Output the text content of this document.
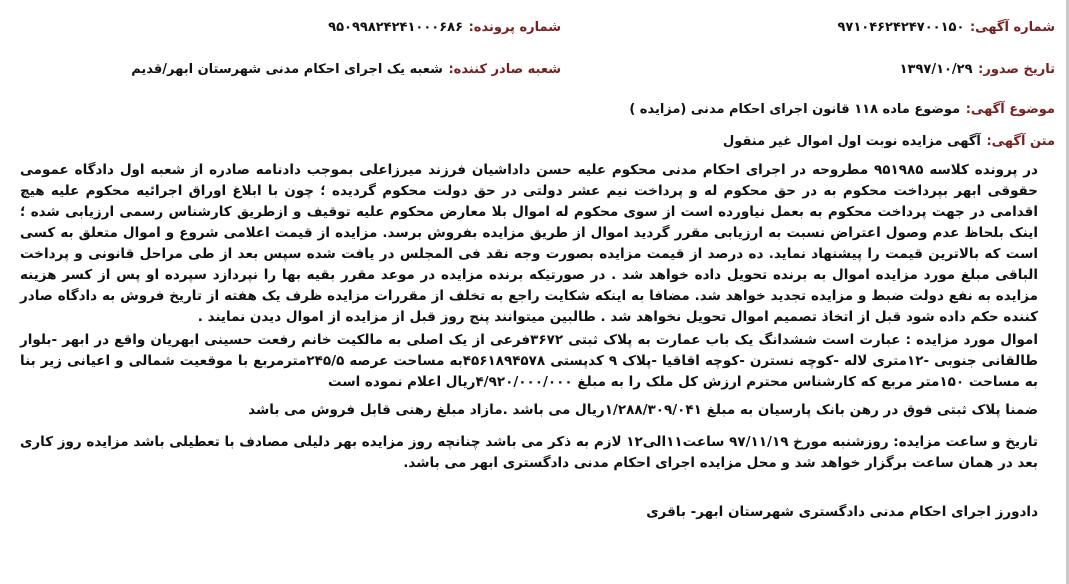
شماره آگهی: ۹۷۱۰۴۶۲۴۲۴۷۰۰۱۵۰
شماره پرونده: ۹۵۰۹۹۸۲۴۲۴۱۰۰۰۶۸۶
تاریخ صدور: ۱۳۹۷/۱۰/۲۹
شعبه صادر کننده: شعبه یک اجرای احکام مدنی شهرستان ابهر/قدیم
موضوع آگهی: موضوع ماده ۱۱۸ قانون اجرای احکام مدنی (مزایده )
متن آگهی: آگهی مزایده نوبت اول اموال غیر منقول
در پرونده کلاسه ۹۵۱۹۸۵ مطروحه در اجرای احکام مدنی محکوم علیه حسن داداشیان فرزند میرزاعلی بموجب دادنامه صادره از شعبه اول دادگاه عمومی حقوقی ابهر بپرداخت محکوم به در حق محکوم له و پرداخت نیم عشر دولتی در حق دولت محکوم گردیده ؛ چون با ابلاغ اوراق اجرائیه محکوم علیه هیچ اقدامی در جهت پرداخت محکوم به بعمل نیاورده است از سوی محکوم له اموال بلا معارض محکوم علیه توقیف و ازطریق کارشناس رسمی ارزیابی شده ؛ اینک بلحاظ عدم وصول اعتراض نسبت به ارزیابی مقرر گردید اموال از طریق مزایده بفروش برسد. مزایده از قیمت اعلامی شروع و اموال متعلق به کسی است که بالاترین قیمت را پیشنهاد نماید. ده درصد از قیمت مزایده بصورت وجه نقد فی المجلس در یافت شده سپس بعد از طی مراحل قانونی و پرداخت الباقی مبلغ مورد مزایده اموال به برنده تحویل داده خواهد شد . در صورتیکه برنده مزایده در موعد مقرر بقیه بها را نپردازد سپرده او پس از کسر هزینه مزایده به نفع دولت ضبط و مزایده تجدید خواهد شد. مضافا به اینکه شکایت راجع به تخلف از مقررات مزایده ظرف یک هفته از تاریخ فروش به دادگاه صادر کننده حکم داده شود قبل از اتخاذ تصمیم اموال تحویل نخواهد شد . طالبین میتوانند پنج روز قبل از مزایده از اموال دیدن نمایند .
اموال مورد مزایده : عبارت است ششدانگ یک باب عمارت به پلاک ثبتی ۳۶۷۲فرعی از یک اصلی به مالکیت خانم رفعت حسینی ابهریان واقع در ابهر -بلوار طالقانی جنوبی -۱۲متری لاله -کوچه نسترن -کوچه اقاقیا -پلاک ۹ کدپستی ۴۵۶۱۸۹۴۵۷۸به مساحت عرصه ۲۴۵/۵مترمربع با موقعیت شمالی و اعیانی زیر بنا به مساحت ۱۵۰متر مربع که کارشناس محترم ارزش کل ملک را به مبلغ ۴/۹۲۰/۰۰۰/۰۰۰ریال اعلام نموده است
ضمنا پلاک ثبتی فوق در رهن بانک پارسیان به مبلغ ۱/۲۸۸/۳۰۹/۰۴۱ریال می باشد .مازاد مبلغ رهنی قابل فروش می باشد
تاریخ و ساعت مزایده: روزشنبه مورخ ۹۷/۱۱/۱۹ ساعت۱۱الی۱۲ لازم به ذکر می باشد چنانچه روز مزایده بهر دلیلی مصادف با تعطیلی باشد مزایده روز کاری بعد در همان ساعت برگزار خواهد شد و محل مزایده اجرای احکام مدنی دادگستری ابهر می باشد.
دادورز اجرای احکام مدنی دادگستری شهرستان ابهر- باقری
